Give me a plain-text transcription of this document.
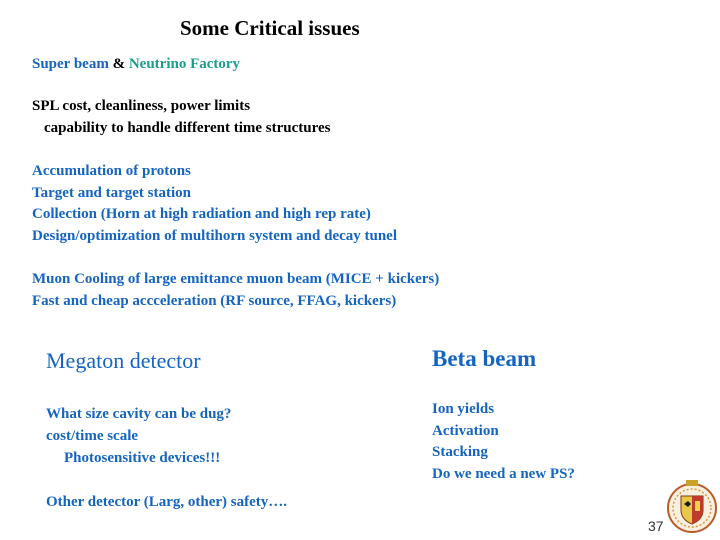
Some Critical issues
Super beam & Neutrino Factory
SPL cost, cleanliness, power limits
capability to handle different time structures
Accumulation of protons
Target and target station
Collection (Horn at high radiation and high rep rate)
Design/optimization of multihorn system and decay tunel
Muon Cooling of large emittance muon beam (MICE + kickers)
Fast and cheap accceleration (RF source, FFAG, kickers)
Megaton detector
What size cavity can be dug?
cost/time scale
Photosensitive devices!!!
Beta beam
Ion yields
Activation
Stacking
Do we need a new PS?
Other detector (Larg, other) safety….
37
